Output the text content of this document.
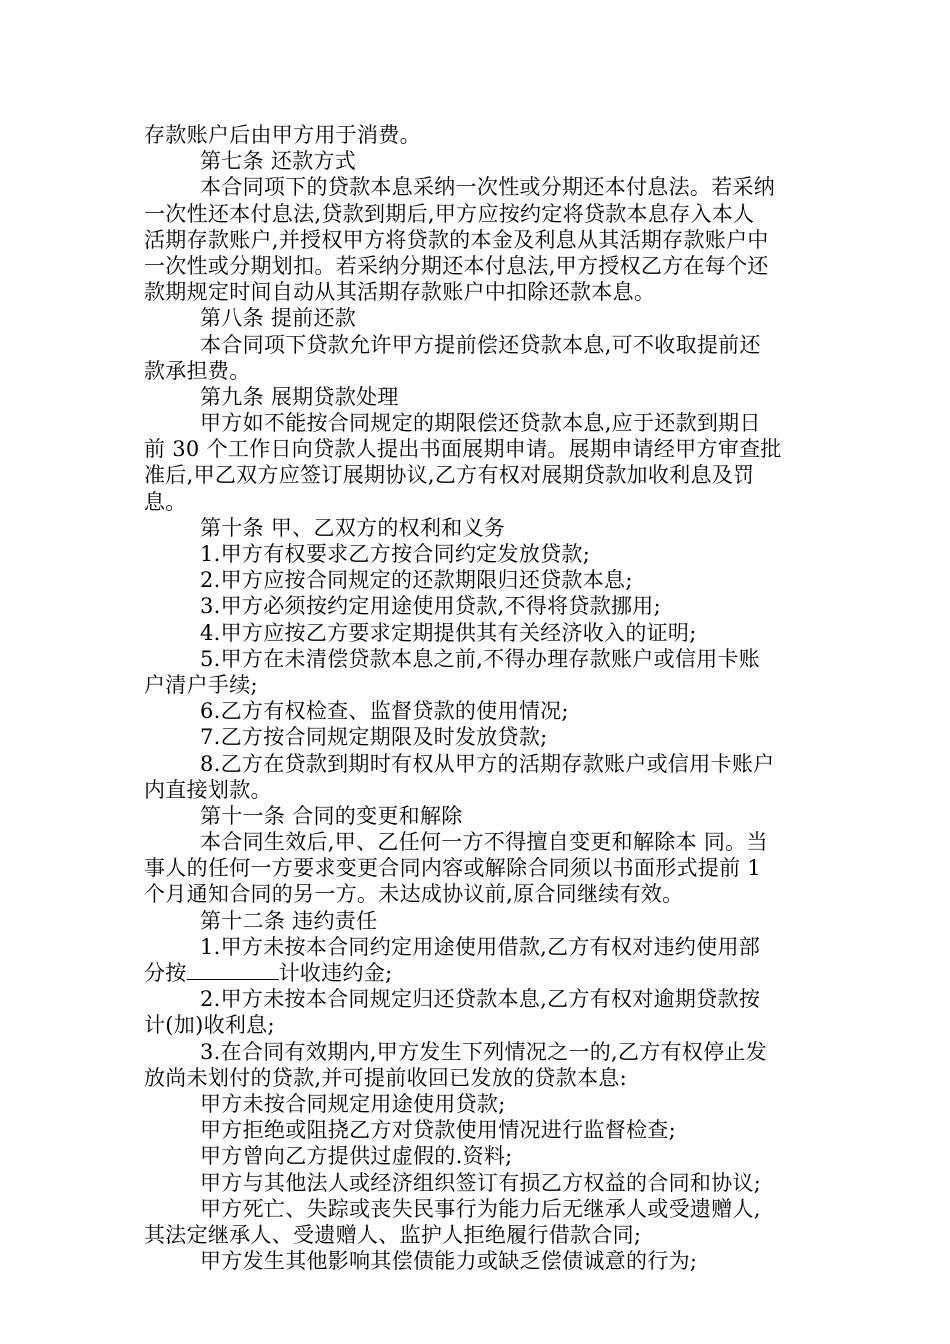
存款账户后由甲方用于消费。
第七条 还款方式
本合同项下的贷款本息采纳一次性或分期还本付息法。若采纳
一次性还本付息法,贷款到期后,甲方应按约定将贷款本息存入本人
活期存款账户,并授权甲方将贷款的本金及利息从其活期存款账户中
一次性或分期划扣。若采纳分期还本付息法,甲方授权乙方在每个还
款期规定时间自动从其活期存款账户中扣除还款本息。
第八条 提前还款
本合同项下贷款允许甲方提前偿还贷款本息,可不收取提前还
款承担费。
第九条 展期贷款处理
甲方如不能按合同规定的期限偿还贷款本息,应于还款到期日
前 30 个工作日向贷款人提出书面展期申请。展期申请经甲方审查批
准后,甲乙双方应签订展期协议,乙方有权对展期贷款加收利息及罚
息。
第十条 甲、乙双方的权利和义务
1.甲方有权要求乙方按合同约定发放贷款;
2.甲方应按合同规定的还款期限归还贷款本息;
3.甲方必须按约定用途使用贷款,不得将贷款挪用;
4.甲方应按乙方要求定期提供其有关经济收入的证明;
5.甲方在未清偿贷款本息之前,不得办理存款账户或信用卡账
户清户手续;
6.乙方有权检查、监督贷款的使用情况;
7.乙方按合同规定期限及时发放贷款;
8.乙方在贷款到期时有权从甲方的活期存款账户或信用卡账户
内直接划款。
第十一条 合同的变更和解除
本合同生效后,甲、乙任何一方不得擅自变更和解除本 同。当
事人的任何一方要求变更合同内容或解除合同须以书面形式提前 1
个月通知合同的另一方。未达成协议前,原合同继续有效。
第十二条 违约责任
1.甲方未按本合同约定用途使用借款,乙方有权对违约使用部
分按	计收违约金;
2.甲方未按本合同规定归还贷款本息,乙方有权对逾期贷款按
计(加)收利息;
3.在合同有效期内,甲方发生下列情况之一的,乙方有权停止发
放尚未划付的贷款,并可提前收回已发放的贷款本息:
甲方未按合同规定用途使用贷款;
甲方拒绝或阻挠乙方对贷款使用情况进行监督检查;
甲方曾向乙方提供过虚假的.资料;
甲方与其他法人或经济组织签订有损乙方权益的合同和协议;
甲方死亡、失踪或丧失民事行为能力后无继承人或受遗赠人,
其法定继承人、受遗赠人、监护人拒绝履行借款合同;
甲方发生其他影响其偿债能力或缺乏偿债诚意的行为;
